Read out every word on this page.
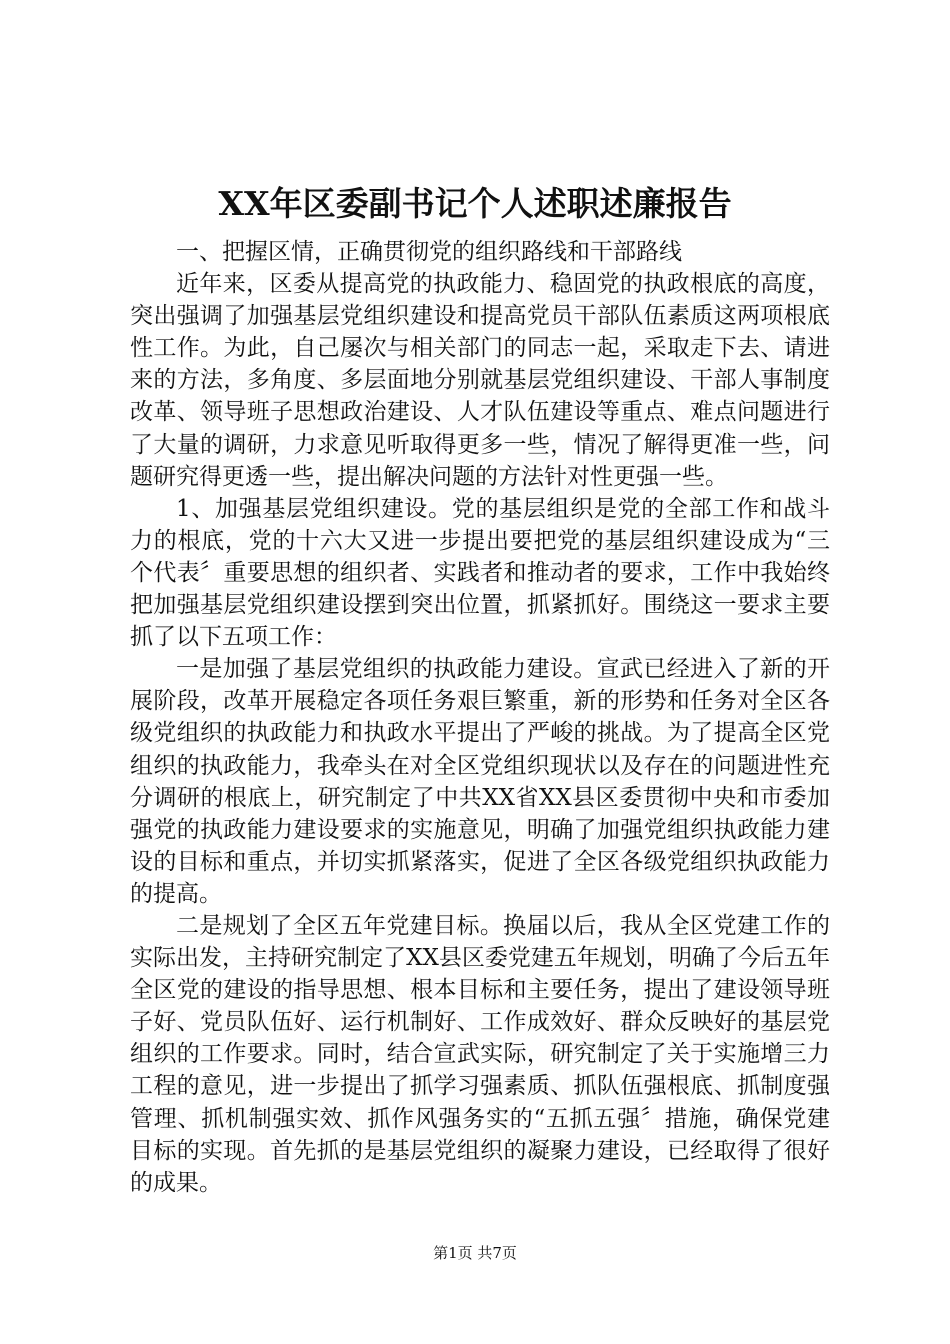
XX年区委副书记个人述职述廉报告

一、把握区情，正确贯彻党的组织路线和干部路线

近年来，区委从提高党的执政能力、稳固党的执政根底的高度，突出强调了加强基层党组织建设和提高党员干部队伍素质这两项根底性工作。为此，自己屡次与相关部门的同志一起，采取走下去、请进来的方法，多角度、多层面地分别就基层党组织建设、干部人事制度改革、领导班子思想政治建设、人才队伍建设等重点、难点问题进行了大量的调研，力求意见听取得更多一些，情况了解得更准一些，问题研究得更透一些，提出解决问题的方法针对性更强一些。

1、加强基层党组织建设。党的基层组织是党的全部工作和战斗力的根底，党的十六大又进一步提出要把党的基层组织建设成为“三个代表〞重要思想的组织者、实践者和推动者的要求，工作中我始终把加强基层党组织建设摆到突出位置，抓紧抓好。围绕这一要求主要抓了以下五项工作：

一是加强了基层党组织的执政能力建设。宣武已经进入了新的开展阶段，改革开展稳定各项任务艰巨繁重，新的形势和任务对全区各级党组织的执政能力和执政水平提出了严峻的挑战。为了提高全区党组织的执政能力，我牵头在对全区党组织现状以及存在的问题进性充分调研的根底上，研究制定了中共XX省XX县区委贯彻中央和市委加强党的执政能力建设要求的实施意见，明确了加强党组织执政能力建设的目标和重点，并切实抓紧落实，促进了全区各级党组织执政能力的提高。

二是规划了全区五年党建目标。换届以后，我从全区党建工作的实际出发，主持研究制定了XX县区委党建五年规划，明确了今后五年全区党的建设的指导思想、根本目标和主要任务，提出了建设领导班子好、党员队伍好、运行机制好、工作成效好、群众反映好的基层党组织的工作要求。同时，结合宣武实际，研究制定了关于实施增三力工程的意见，进一步提出了抓学习强素质、抓队伍强根底、抓制度强管理、抓机制强实效、抓作风强务实的“五抓五强〞措施，确保党建目标的实现。首先抓的是基层党组织的凝聚力建设，已经取得了很好的成果。

第1页 共7页
